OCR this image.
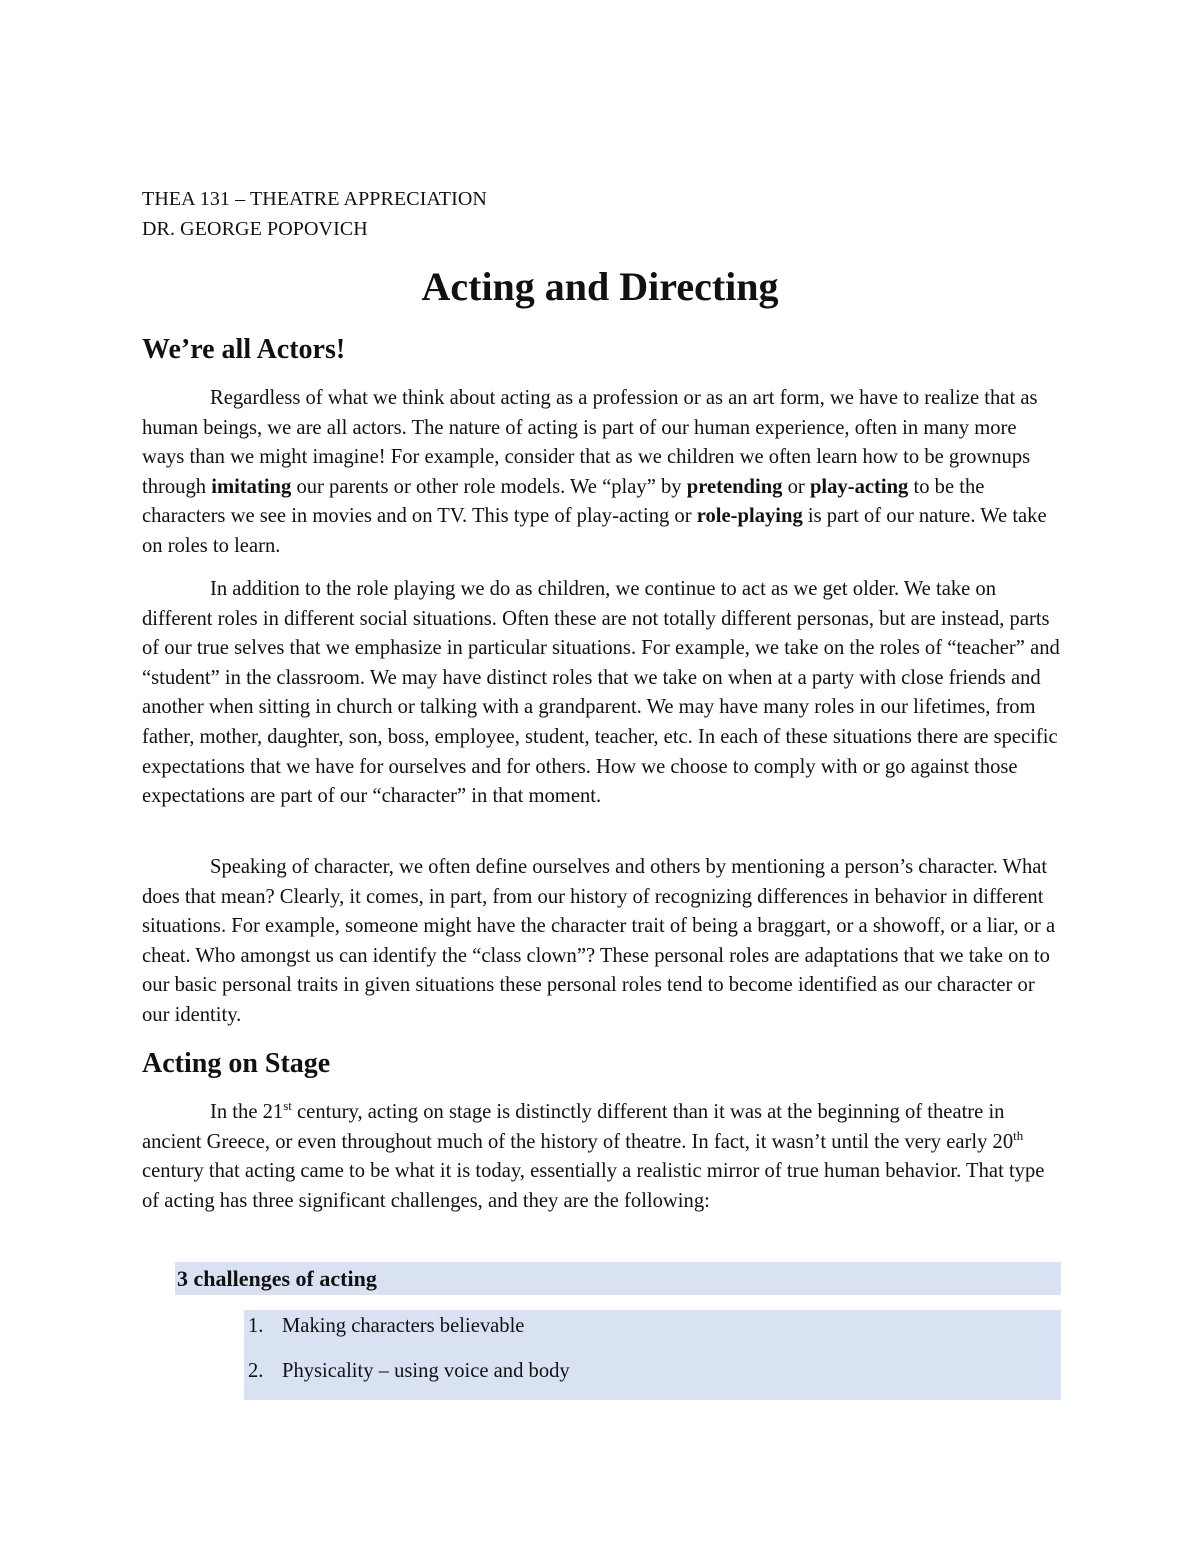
THEA 131 – THEATRE APPRECIATION
DR. GEORGE POPOVICH
Acting and Directing
We’re all Actors!

Regardless of what we think about acting as a profession or as an art form, we have to realize that as human beings, we are all actors. The nature of acting is part of our human experience, often in many more ways than we might imagine! For example, consider that as we children we often learn how to be grownups through imitating our parents or other role models. We “play” by pretending or play-acting to be the characters we see in movies and on TV. This type of play-acting or role-playing is part of our nature. We take on roles to learn.

In addition to the role playing we do as children, we continue to act as we get older. We take on different roles in different social situations. Often these are not totally different personas, but are instead, parts of our true selves that we emphasize in particular situations. For example, we take on the roles of “teacher” and “student” in the classroom. We may have distinct roles that we take on when at a party with close friends and another when sitting in church or talking with a grandparent. We may have many roles in our lifetimes, from father, mother, daughter, son, boss, employee, student, teacher, etc. In each of these situations there are specific expectations that we have for ourselves and for others. How we choose to comply with or go against those expectations are part of our “character” in that moment.

Speaking of character, we often define ourselves and others by mentioning a person’s character. What does that mean? Clearly, it comes, in part, from our history of recognizing differences in behavior in different situations. For example, someone might have the character trait of being a braggart, or a showoff, or a liar, or a cheat. Who amongst us can identify the “class clown”? These personal roles are adaptations that we take on to our basic personal traits in given situations these personal roles tend to become identified as our character or our identity.

Acting on Stage

In the 21st century, acting on stage is distinctly different than it was at the beginning of theatre in ancient Greece, or even throughout much of the history of theatre. In fact, it wasn’t until the very early 20th century that acting came to be what it is today, essentially a realistic mirror of true human behavior. That type of acting has three significant challenges, and they are the following:

3 challenges of acting
1. Making characters believable
2. Physicality – using voice and body
